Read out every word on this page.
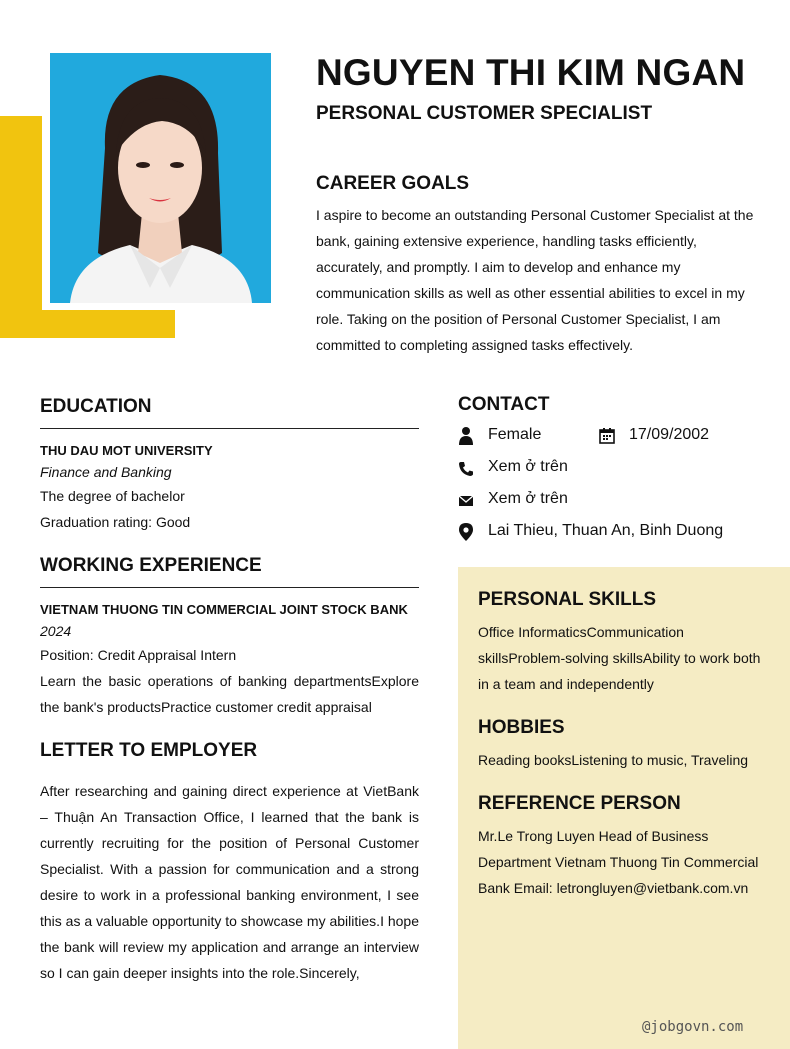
NGUYEN THI KIM NGAN
PERSONAL CUSTOMER SPECIALIST
CAREER GOALS

I aspire to become an outstanding Personal Customer Specialist at the bank, gaining extensive experience, handling tasks efficiently, accurately, and promptly. I aim to develop and enhance my communication skills as well as other essential abilities to excel in my role. Taking on the position of Personal Customer Specialist, I am committed to completing assigned tasks effectively.

EDUCATION

THU DAU MOT UNIVERSITY

Finance and Banking

The degree of bachelor

Graduation rating: Good

WORKING EXPERIENCE

VIETNAM THUONG TIN COMMERCIAL JOINT STOCK BANK

2024

Position: Credit Appraisal Intern

Learn the basic operations of banking departmentsExplore the bank's productsPractice customer credit appraisal

LETTER TO EMPLOYER

After researching and gaining direct experience at VietBank – Thuận An Transaction Office, I learned that the bank is currently recruiting for the position of Personal Customer Specialist. With a passion for communication and a strong desire to work in a professional banking environment, I see this as a valuable opportunity to showcase my abilities.I hope the bank will review my application and arrange an interview so I can gain deeper insights into the role.Sincerely,

CONTACT
Female	17/09/2002
Xem ở trên
Xem ở trên
Lai Thieu, Thuan An, Binh Duong
PERSONAL SKILLS

Office InformaticsCommunication skillsProblem-solving skillsAbility to work both in a team and independently

HOBBIES

Reading booksListening to music, Traveling

REFERENCE PERSON

Mr.Le Trong Luyen Head of Business Department Vietnam Thuong Tin Commercial Bank Email: letrongluyen@vietbank.com.vn

@jobgovn.com
